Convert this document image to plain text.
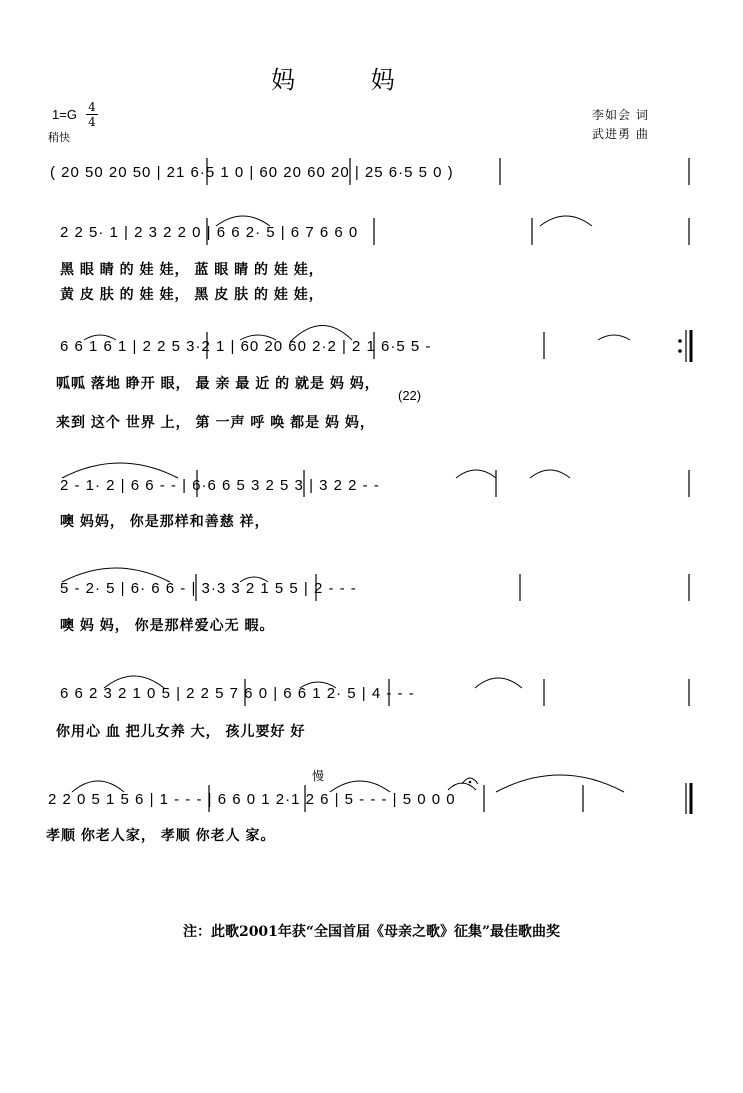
妈 妈
$1=G \frac{4}{4}$
稍快
李如会 词
武进勇 曲
( 20 50 20 50 | 21 6·5 1 0 | 60 20 60 20 | 25 6·5 5 0 )
2 2 5· 1 | 2 3 2 2 0 | 6 6 2· 5 | 6 7 6 6 0
6 6 1 6 1 | 2 2 5 3·2 1 | 60 20 60 2·2 | 2 1 6·5 5 -
(22)
2 - 1· 2 | 6 6 - - | 6·6 6 5 3 2 5 3 | 3 2 2 - -
5 - 2· 5 | 6· 6 6 - | 3·3 3 2 1 5 5 | 2 - - -
6 6 2 3 2 1 0 5 | 2 2 5 7 6 0 | 6 6 1 2· 5 | 4 - - -
2 2 0 5 1 5 6 | 1 - - - | 6 6 0 1 2·1 2 6 | 5 - - - | 5 0 0 0
慢
黑 眼 睛 的 娃 娃， 蓝 眼 睛 的 娃 娃，
黄 皮 肤 的 娃 娃， 黑 皮 肤 的 娃 娃，
呱呱 落地 睁开 眼， 最 亲 最 近 的 就是 妈 妈，
来到 这个 世界 上， 第 一声 呼 唤 都是 妈 妈，
噢 妈妈， 你是那样和善慈 祥，
噢 妈 妈， 你是那样爱心无 暇。
你用心 血 把儿女养 大， 孩儿要好 好
孝顺 你老人家， 孝顺 你老人 家。
注：此歌2001年获“全国首届《母亲之歌》征集”最佳歌曲奖
